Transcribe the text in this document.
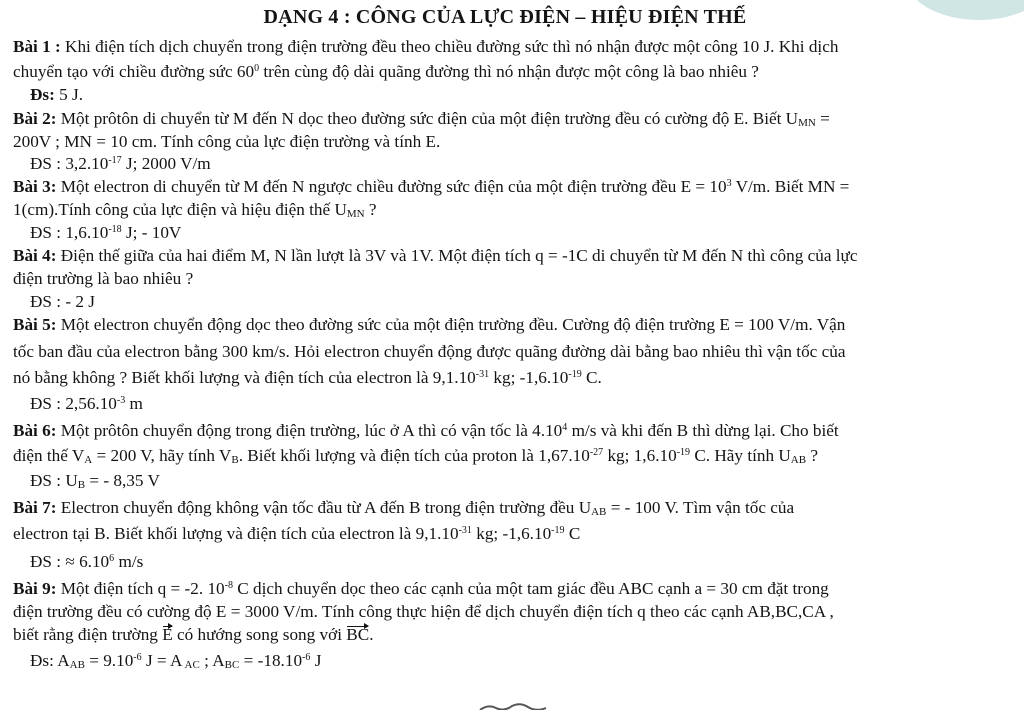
DẠNG 4 : CÔNG CỦA LỰC ĐIỆN – HIỆU ĐIỆN THẾ
Bài 1 : Khi điện tích dịch chuyển trong điện trường đều theo chiều đường sức thì nó nhận được một công 10 J. Khi dịch
chuyển tạo với chiều đường sức $60^0$ trên cùng độ dài quãng đường thì nó nhận được một công là bao nhiêu ?
Đs: 5 J.
Bài 2: Một prôtôn di chuyển từ M đến N dọc theo đường sức điện của một điện trường đều có cường độ E. Biết $U_{MN}$ =
200V ; MN = 10 cm. Tính công của lực điện trường và tính E.
ĐS : $3,2.10^{-17}$ J; 2000 V/m
Bài 3: Một electron di chuyển từ M đến N ngược chiều đường sức điện của một điện trường đều $E = 10^3$ V/m. Biết MN =
1(cm).Tính công của lực điện và hiệu điện thế $U_{MN}$ ?
ĐS : $1,6.10^{-18}$ J; - 10V
Bài 4: Điện thế giữa của hai điểm M, N lần lượt là 3V và 1V. Một điện tích q = -1C di chuyển từ M đến N thì công của lực
điện trường là bao nhiêu ?
ĐS : - 2 J
Bài 5: Một electron chuyển động dọc theo đường sức của một điện trường đều. Cường độ điện trường E = 100 V/m. Vận
tốc ban đầu của electron bằng 300 km/s. Hỏi electron chuyển động được quãng đường dài bằng bao nhiêu thì vận tốc của
nó bằng không ? Biết khối lượng và điện tích của electron là $9,1.10^{-31}$ kg; $-1,6.10^{-19}$ C.
ĐS : $2,56.10^{-3}$ m
Bài 6: Một prôtôn chuyển động trong điện trường, lúc ở A thì có vận tốc là 4.10$^4$ m/s và khi đến B thì dừng lại. Cho biết
điện thế $V_A = 200$ V, hãy tính $V_B$. Biết khối lượng và điện tích của proton là $1,67.10^{-27}$ kg; $1,6.10^{-19}$ C. Hãy tính $U_{AB}$ ?
ĐS : $U_B$ = - 8,35 V
Bài 7: Electron chuyển động không vận tốc đầu từ A đến B trong điện trường đều $U_{AB}$ = - 100 V. Tìm vận tốc của
electron tại B. Biết khối lượng và điện tích của electron là $9,1.10^{-31}$ kg; $-1,6.10^{-19}$ C
ĐS : ≈ $6.10^6$ m/s
Bài 9: Một điện tích q = -2. $10^{-8}$ C dịch chuyển dọc theo các cạnh của một tam giác đều ABC cạnh a = 30 cm đặt trong
điện trường đều có cường độ E = 3000 V/m. Tính công thực hiện để dịch chuyển điện tích q theo các cạnh AB,BC,CA ,
biết rằng điện trường E có hướng song song với BC.
Đs: $A_{AB} = 9.10^{-6}$ J = A $_{AC}$ ; $A_{BC} = -18.10^{-6}$ J
